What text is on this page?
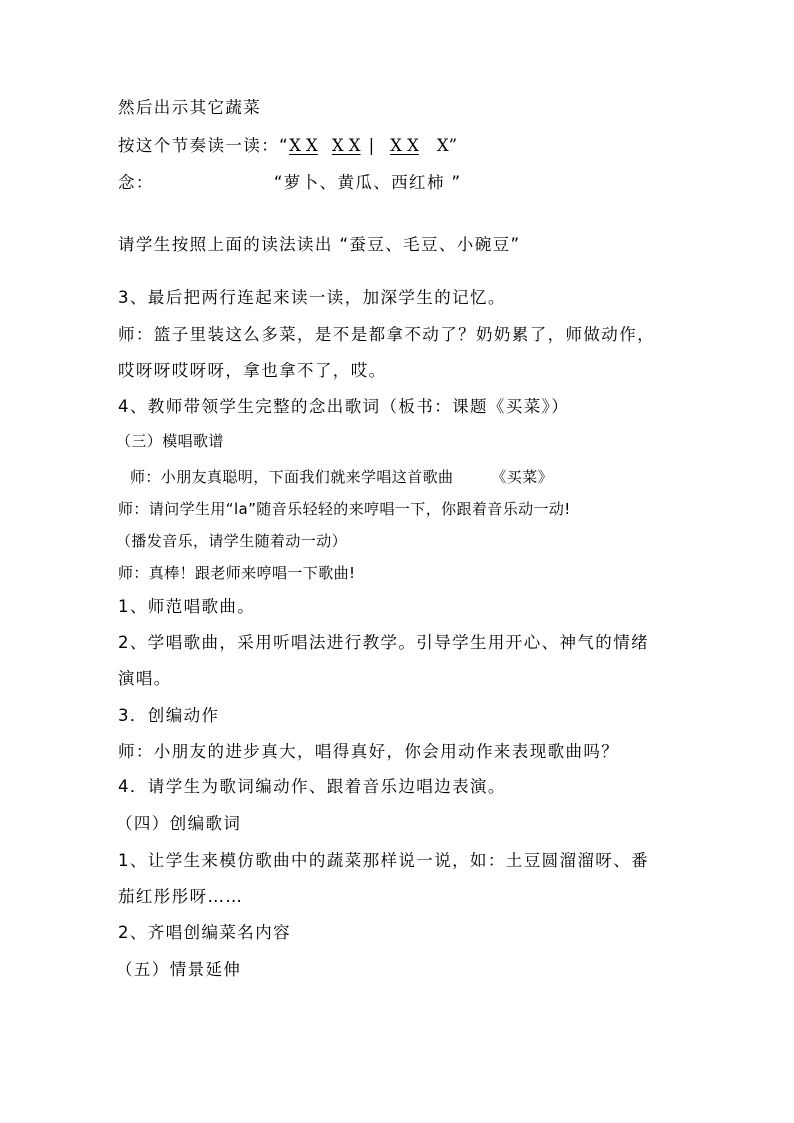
然后出示其它蔬菜
按这个节奏读一读：“X X X X | X X X”
念：	“萝卜、黄瓜、西红柿 ”
请学生按照上面的读法读出 “蚕豆、毛豆、小碗豆”
3、最后把两行连起来读一读，加深学生的记忆。
师：篮子里装这么多菜，是不是都拿不动了？奶奶累了，师做动作，
哎呀呀哎呀呀，拿也拿不了，哎。
4、教师带领学生完整的念出歌词（板书：课题《买菜》）
（三）模唱歌谱
师：小朋友真聪明，下面我们就来学唱这首歌曲	《买菜》
师：请问学生用“la”随音乐轻轻的来哼唱一下，你跟着音乐动一动!
（播发音乐，请学生随着动一动）
师：真棒！跟老师来哼唱一下歌曲!
1、师范唱歌曲。
2、学唱歌曲，采用听唱法进行教学。引导学生用开心、神气的情绪
演唱。
3．创编动作
师：小朋友的进步真大，唱得真好，你会用动作来表现歌曲吗？
4．请学生为歌词编动作、跟着音乐边唱边表演。
（四）创编歌词
1、让学生来模仿歌曲中的蔬菜那样说一说，如：土豆圆溜溜呀、番
茄红彤彤呀……
2、齐唱创编菜名内容
（五）情景延伸
